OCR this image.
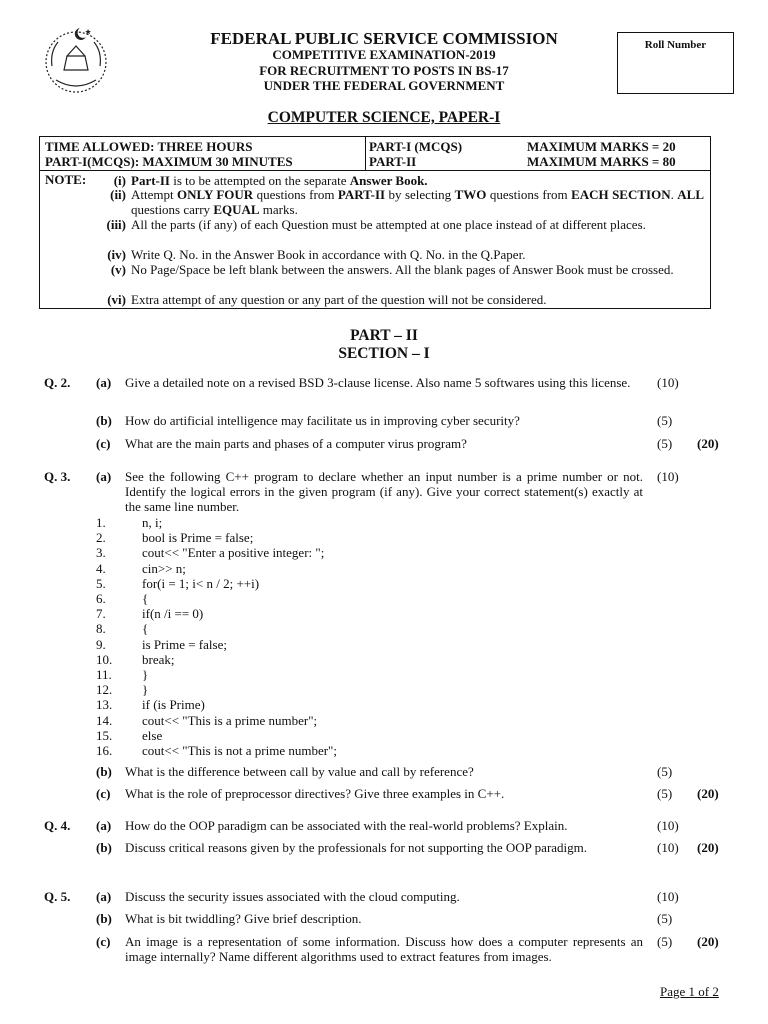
FEDERAL PUBLIC SERVICE COMMISSION
COMPETITIVE EXAMINATION-2019
FOR RECRUITMENT TO POSTS IN BS-17
UNDER THE FEDERAL GOVERNMENT
Roll Number
COMPUTER SCIENCE, PAPER-I
TIME ALLOWED: THREE HOURS
PART-I(MCQS): MAXIMUM 30 MINUTES
PART-I (MCQS)	MAXIMUM MARKS = 20
PART-II	MAXIMUM MARKS = 80
NOTE:	(i) Part-II is to be attempted on the separate Answer Book.
(ii) Attempt ONLY FOUR questions from PART-II by selecting TWO questions from EACH SECTION. ALL questions carry EQUAL marks.
(iii) All the parts (if any) of each Question must be attempted at one place instead of at different places.
(iv) Write Q. No. in the Answer Book in accordance with Q. No. in the Q.Paper.
(v) No Page/Space be left blank between the answers. All the blank pages of Answer Book must be crossed.
(vi) Extra attempt of any question or any part of the question will not be considered.
PART – II
SECTION – I
Q. 2. (a) Give a detailed note on a revised BSD 3-clause license. Also name 5 softwares using this license.	(10)
(b) How do artificial intelligence may facilitate us in improving cyber security?	(5)
(c) What are the main parts and phases of a computer virus program?	(5) (20)
Q. 3. (a) See the following C++ program to declare whether an input number is a prime number or not. Identify the logical errors in the given program (if any). Give your correct statement(s) exactly at the same line number.
(10)
(b) What is the difference between call by value and call by reference?	(5)
(c) What is the role of preprocessor directives? Give three examples in C++.	(5) (20)
Q. 4. (a) How do the OOP paradigm can be associated with the real-world problems? Explain.	(10)
(b) Discuss critical reasons given by the professionals for not supporting the OOP paradigm.	(10) (20)
Q. 5. (a) Discuss the security issues associated with the cloud computing.	(10)
(b) What is bit twiddling? Give brief description.	(5)
(c) An image is a representation of some information. Discuss how does a computer represents an image internally? Name different algorithms used to extract features from images.
(5) (20)
1.	n, i;
2.	bool is Prime = false;
3.	cout<< "Enter a positive integer: ";
4.	cin>> n;
5.	for(i = 1; i< n / 2; ++i)
6.	{
7.	if(n /i == 0)
8.	{
9.	is Prime = false;
10. break;
11. }
12. }
13. if (is Prime)
14. cout<< "This is a prime number";
15. else
16. cout<< "This is not a prime number";
Page 1 of 2
